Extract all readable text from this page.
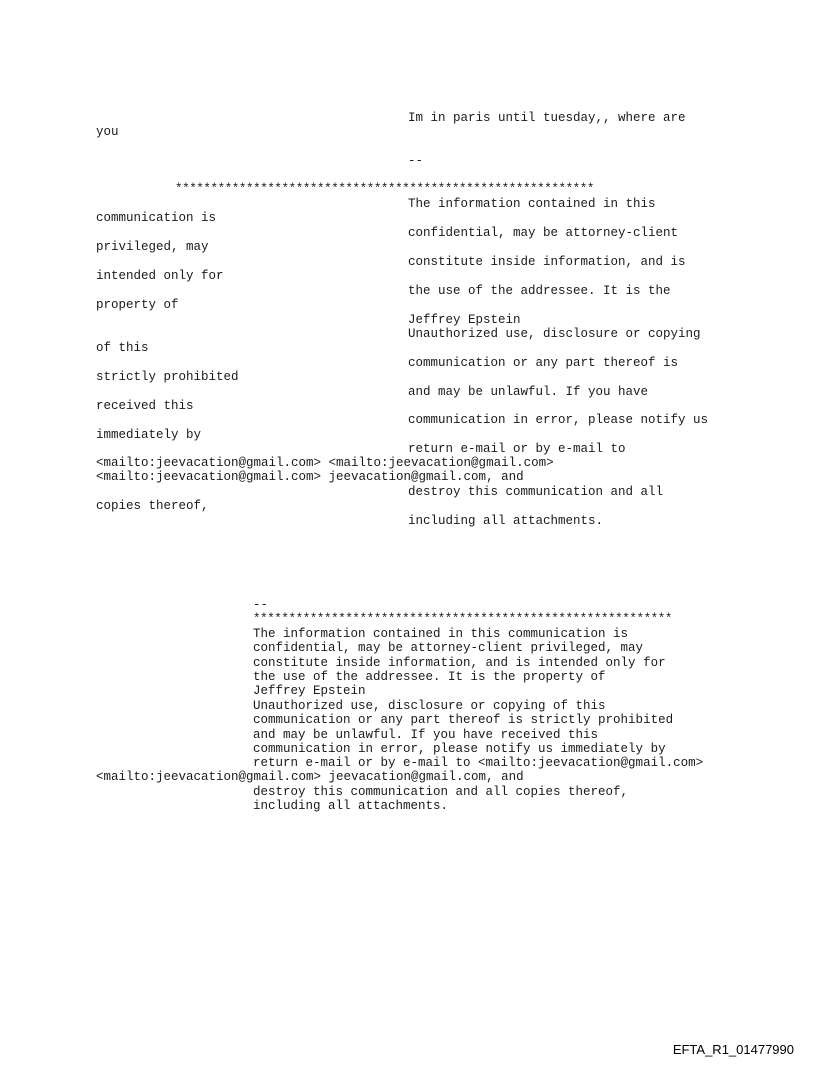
Im in paris until tuesday,, where are
you
--
***********************************************************
The information contained in this
communication is
confidential, may be attorney-client
privileged, may
constitute inside information, and is
intended only for
the use of the addressee. It is the
property of
Jeffrey Epstein
Unauthorized use, disclosure or copying
of this
communication or any part thereof is
strictly prohibited
and may be unlawful. If you have
received this
communication in error, please notify us
immediately by
return e-mail or by e-mail to
<mailto:jeevacation@gmail.com> <mailto:jeevacation@gmail.com>
<mailto:jeevacation@gmail.com> jeevacation@gmail.com, and
destroy this communication and all
copies thereof,
including all attachments.
--
***********************************************************
The information contained in this communication is
confidential, may be attorney-client privileged, may
constitute inside information, and is intended only for
the use of the addressee. It is the property of
Jeffrey Epstein
Unauthorized use, disclosure or copying of this
communication or any part thereof is strictly prohibited
and may be unlawful. If you have received this
communication in error, please notify us immediately by
return e-mail or by e-mail to <mailto:jeevacation@gmail.com>
<mailto:jeevacation@gmail.com> jeevacation@gmail.com, and
destroy this communication and all copies thereof,
including all attachments.
EFTA_R1_01477990
